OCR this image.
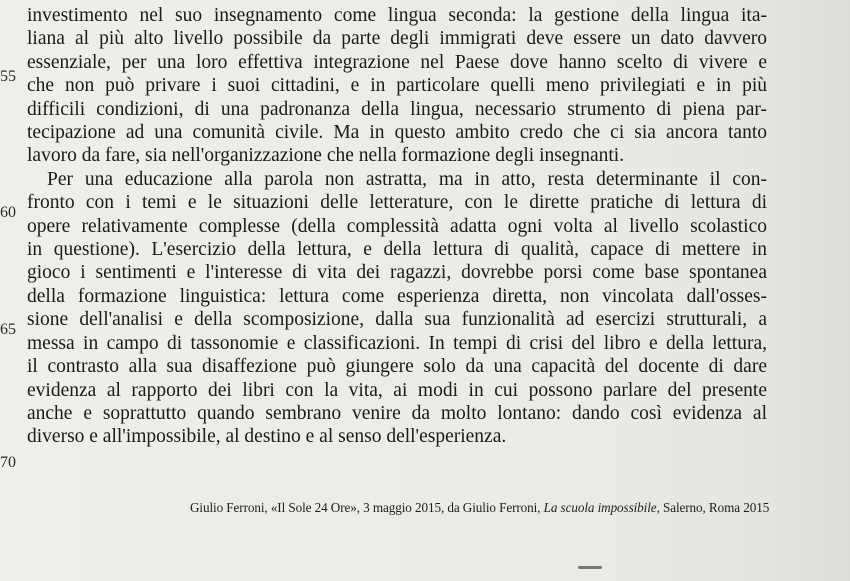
55
60
65
70
investimento nel suo insegnamento come lingua seconda: la gestione della lingua ita-
liana al più alto livello possibile da parte degli immigrati deve essere un dato davvero
essenziale, per una loro effettiva integrazione nel Paese dove hanno scelto di vivere e
che non può privare i suoi cittadini, e in particolare quelli meno privilegiati e in più
difficili condizioni, di una padronanza della lingua, necessario strumento di piena par-
tecipazione ad una comunità civile. Ma in questo ambito credo che ci sia ancora tanto
lavoro da fare, sia nell'organizzazione che nella formazione degli insegnanti.
Per una educazione alla parola non astratta, ma in atto, resta determinante il con-
fronto con i temi e le situazioni delle letterature, con le dirette pratiche di lettura di
opere relativamente complesse (della complessità adatta ogni volta al livello scolastico
in questione). L'esercizio della lettura, e della lettura di qualità, capace di mettere in
gioco i sentimenti e l'interesse di vita dei ragazzi, dovrebbe porsi come base spontanea
della formazione linguistica: lettura come esperienza diretta, non vincolata dall'osses-
sione dell'analisi e della scomposizione, dalla sua funzionalità ad esercizi strutturali, a
messa in campo di tassonomie e classificazioni. In tempi di crisi del libro e della lettura,
il contrasto alla sua disaffezione può giungere solo da una capacità del docente di dare
evidenza al rapporto dei libri con la vita, ai modi in cui possono parlare del presente
anche e soprattutto quando sembrano venire da molto lontano: dando così evidenza al
diverso e all'impossibile, al destino e al senso dell'esperienza.
Giulio Ferroni, «Il Sole 24 Ore», 3 maggio 2015, da Giulio Ferroni, La scuola impossibile, Salerno, Roma 2015
